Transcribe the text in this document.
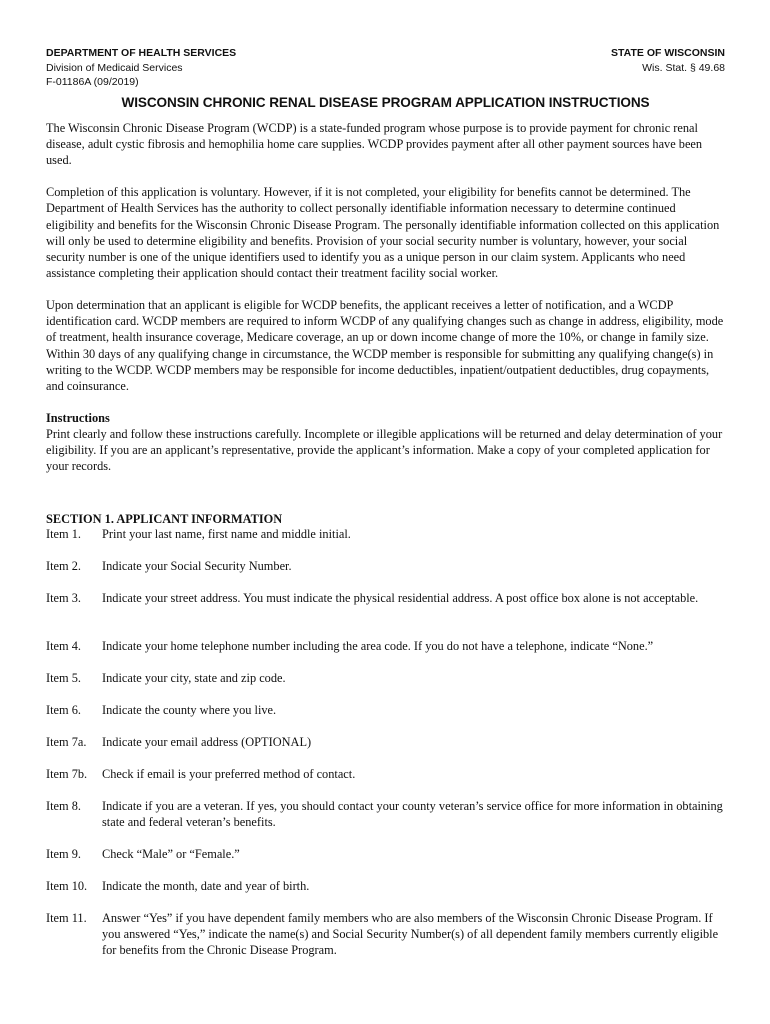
DEPARTMENT OF HEALTH SERVICES
Division of Medicaid Services
F-01186A (09/2019)
STATE OF WISCONSIN
Wis. Stat. § 49.68
WISCONSIN CHRONIC RENAL DISEASE PROGRAM APPLICATION INSTRUCTIONS

The Wisconsin Chronic Disease Program (WCDP) is a state-funded program whose purpose is to provide payment for chronic renal disease, adult cystic fibrosis and hemophilia home care supplies. WCDP provides payment after all other payment sources have been used.

Completion of this application is voluntary. However, if it is not completed, your eligibility for benefits cannot be determined. The Department of Health Services has the authority to collect personally identifiable information necessary to determine continued eligibility and benefits for the Wisconsin Chronic Disease Program. The personally identifiable information collected on this application will only be used to determine eligibility and benefits. Provision of your social security number is voluntary, however, your social security number is one of the unique identifiers used to identify you as a unique person in our claim system. Applicants who need assistance completing their application should contact their treatment facility social worker.

Upon determination that an applicant is eligible for WCDP benefits, the applicant receives a letter of notification, and a WCDP identification card. WCDP members are required to inform WCDP of any qualifying changes such as change in address, eligibility, mode of treatment, health insurance coverage, Medicare coverage, an up or down income change of more the 10%, or change in family size. Within 30 days of any qualifying change in circumstance, the WCDP member is responsible for submitting any qualifying change(s) in writing to the WCDP. WCDP members may be responsible for income deductibles, inpatient/outpatient deductibles, drug copayments, and coinsurance.

Instructions

Print clearly and follow these instructions carefully. Incomplete or illegible applications will be returned and delay determination of your eligibility. If you are an applicant’s representative, provide the applicant’s information. Make a copy of your completed application for your records.

SECTION 1. APPLICANT INFORMATION
Item 1. Print your last name, first name and middle initial.
Item 2. Indicate your Social Security Number.
Item 3. Indicate your street address. You must indicate the physical residential address. A post office box alone is not acceptable.
Item 4. Indicate your home telephone number including the area code. If you do not have a telephone, indicate “None.”
Item 5. Indicate your city, state and zip code.
Item 6. Indicate the county where you live.
Item 7a. Indicate your email address (OPTIONAL)
Item 7b. Check if email is your preferred method of contact.
Item 8. Indicate if you are a veteran. If yes, you should contact your county veteran’s service office for more information in obtaining state and federal veteran’s benefits.
Item 9. Check “Male” or “Female.”
Item 10. Indicate the month, date and year of birth.
Item 11. Answer “Yes” if you have dependent family members who are also members of the Wisconsin Chronic Disease Program. If you answered “Yes,” indicate the name(s) and Social Security Number(s) of all dependent family members currently eligible for benefits from the Chronic Disease Program.
